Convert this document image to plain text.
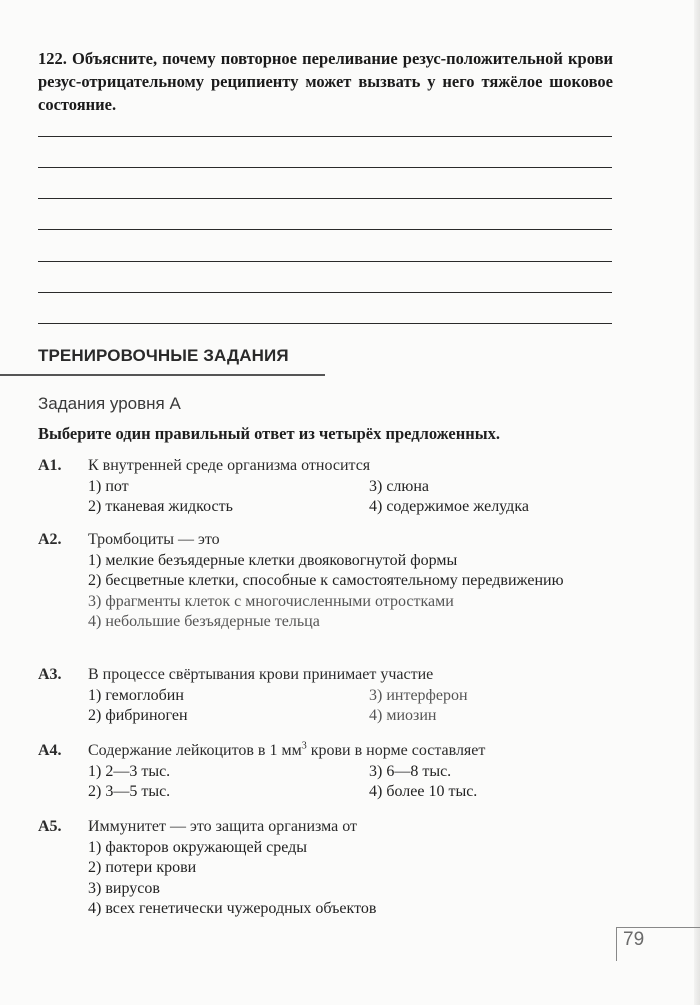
122. Объясните, почему повторное переливание резус-положительной крови резус-отрицательному реципиенту может вызвать у него тяжёлое шоковое состояние.
ТРЕНИРОВОЧНЫЕ ЗАДАНИЯ
Задания уровня А
Выберите один правильный ответ из четырёх предложенных.
А1. К внутренней среде организма относится
1) пот	3) слюна
2) тканевая жидкость	4) содержимое желудка
А2. Тромбоциты — это
1) мелкие безъядерные клетки двояковогнутой формы
2) бесцветные клетки, способные к самостоятельному передвижению
3) фрагменты клеток с многочисленными отростками
4) небольшие безъядерные тельца
А3. В процессе свёртывания крови принимает участие
1) гемоглобин	3) интерферон
2) фибриноген	4) миозин
А4. Содержание лейкоцитов в 1 $мм^3$ крови в норме составляет
1) 2—3 тыс.	3) 6—8 тыс.
2) 3—5 тыс.	4) более 10 тыс.
А5. Иммунитет — это защита организма от
1) факторов окружающей среды
2) потери крови
3) вирусов
4) всех генетически чужеродных объектов
79
